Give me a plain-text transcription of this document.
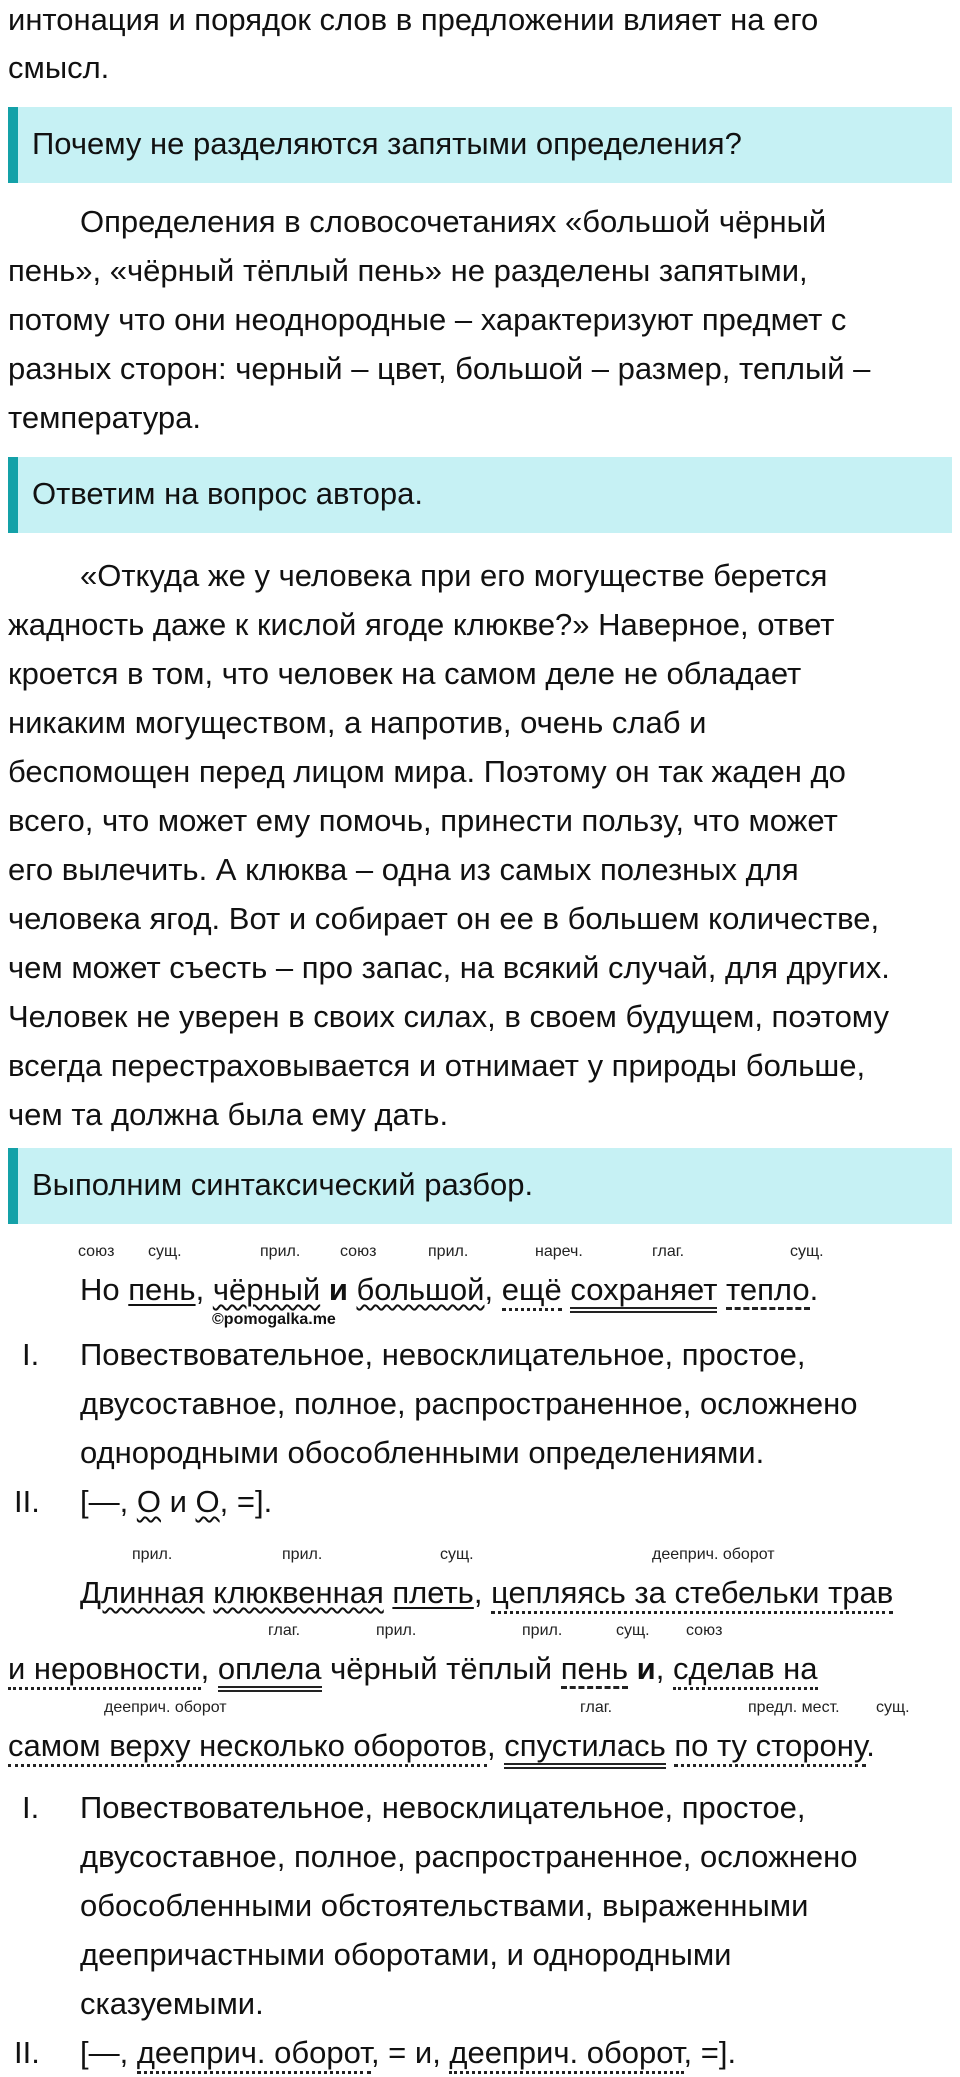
интонация и порядок слов в предложении влияет на его
смысл.
Почему не разделяются запятыми определения?
Определения в словосочетаниях «большой чёрный
пень», «чёрный тёплый пень» не разделены запятыми,
потому что они неоднородные – характеризуют предмет с
разных сторон: черный – цвет, большой – размер, теплый –
температура.
Ответим на вопрос автора.
«Откуда же у человека при его могуществе берется
жадность даже к кислой ягоде клюкве?» Наверное, ответ
кроется в том, что человек на самом деле не обладает
никаким могуществом, а напротив, очень слаб и
беспомощен перед лицом мира. Поэтому он так жаден до
всего, что может ему помочь, принести пользу, что может
его вылечить. А клюква – одна из самых полезных для
человека ягод. Вот и собирает он ее в большем количестве,
чем может съесть – про запас, на всякий случай, для других.
Человек не уверен в своих силах, в своем будущем, поэтому
всегда перестраховывается и отнимает у природы больше,
чем та должна была ему дать.
Выполним синтаксический разбор.
союз сущ.	прил. союз	прил.	нареч.	глаг.	сущ.
Но пень, чёрный и большой, ещё сохраняет тепло.
©pomogalka.me
I. Повествовательное, невосклицательное, простое,
двусоставное, полное, распространенное, осложнено
однородными обособленными определениями.
II. [—, О и О, =].
прил.	прил.	сущ.	дееприч. оборот
Длинная клюквенная плеть, цепляясь за стебельки трав
глаг.	прил.	прил.	сущ. союз
и неровности, оплела чёрный тёплый пень и, сделав на
дееприч. оборот	глаг.	предл. мест. сущ.
самом верху несколько оборотов, спустилась по ту сторону.
I. Повествовательное, невосклицательное, простое,
двусоставное, полное, распространенное, осложнено
обособленными обстоятельствами, выраженными
деепричастными оборотами, и однородными
сказуемыми.
II. [—, дееприч. оборот, = и, дееприч. оборот, =].
